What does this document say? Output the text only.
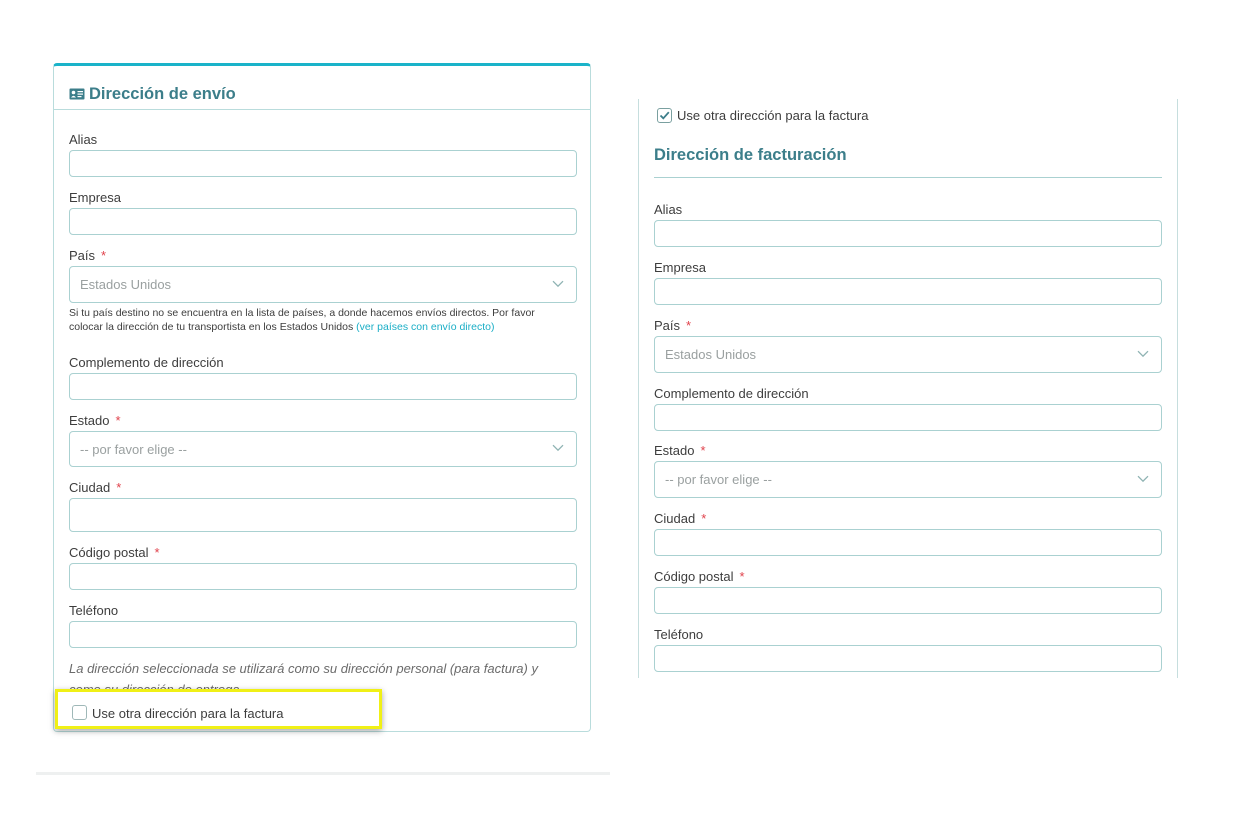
Dirección de envío
Alias
Empresa
País *
Estados Unidos
Si tu país destino no se encuentra en la lista de países, a donde hacemos envíos directos. Por favor
colocar la dirección de tu transportista en los Estados Unidos (ver países con envío directo)
Complemento de dirección
Estado *
-- por favor elige --
Ciudad *
Código postal *
Teléfono
La dirección seleccionada se utilizará como su dirección personal (para factura) y
Use otra dirección para la factura
Use otra dirección para la factura
Dirección de facturación
Alias
Empresa
País *
Estados Unidos
Complemento de dirección
Estado *
-- por favor elige --
Ciudad *
Código postal *
Teléfono
